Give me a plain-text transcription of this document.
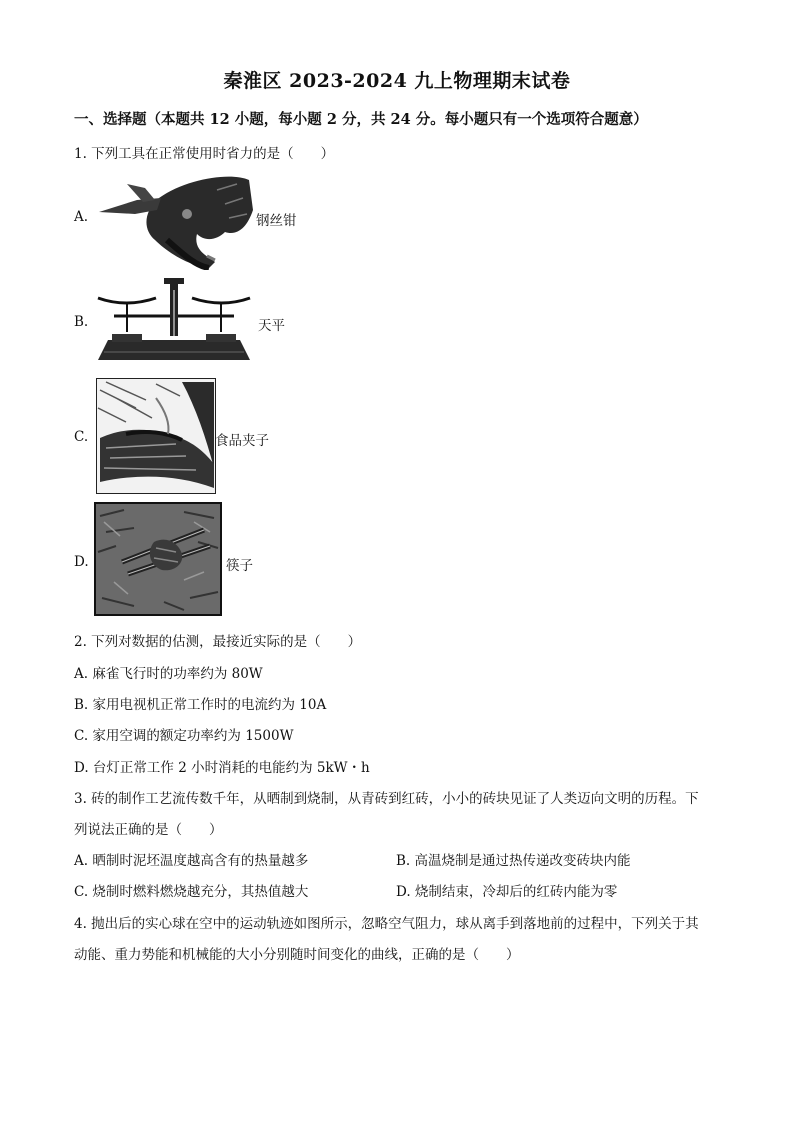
秦淮区 2023-2024 九上物理期末试卷
一、选择题（本题共 12 小题，每小题 2 分，共 24 分。每小题只有一个选项符合题意）
1. 下列工具在正常使用时省力的是（　　）
A.	钢丝钳
B.	天平
C.	食品夹子
D.	筷子
2. 下列对数据的估测，最接近实际的是（　　）
A. 麻雀飞行时的功率约为 80W
B. 家用电视机正常工作时的电流约为 10A
C. 家用空调的额定功率约为 1500W
D. 台灯正常工作 2 小时消耗的电能约为 5kW・h
3. 砖的制作工艺流传数千年，从晒制到烧制，从青砖到红砖，小小的砖块见证了人类迈向文明的历程。下
列说法正确的是（　　）
A. 晒制时泥坯温度越高含有的热量越多	B. 高温烧制是通过热传递改变砖块内能
C. 烧制时燃料燃烧越充分，其热值越大	D. 烧制结束，冷却后的红砖内能为零
4. 抛出后的实心球在空中的运动轨迹如图所示，忽略空气阻力，球从离手到落地前的过程中，下列关于其
动能、重力势能和机械能的大小分别随时间变化的曲线，正确的是（　　）
